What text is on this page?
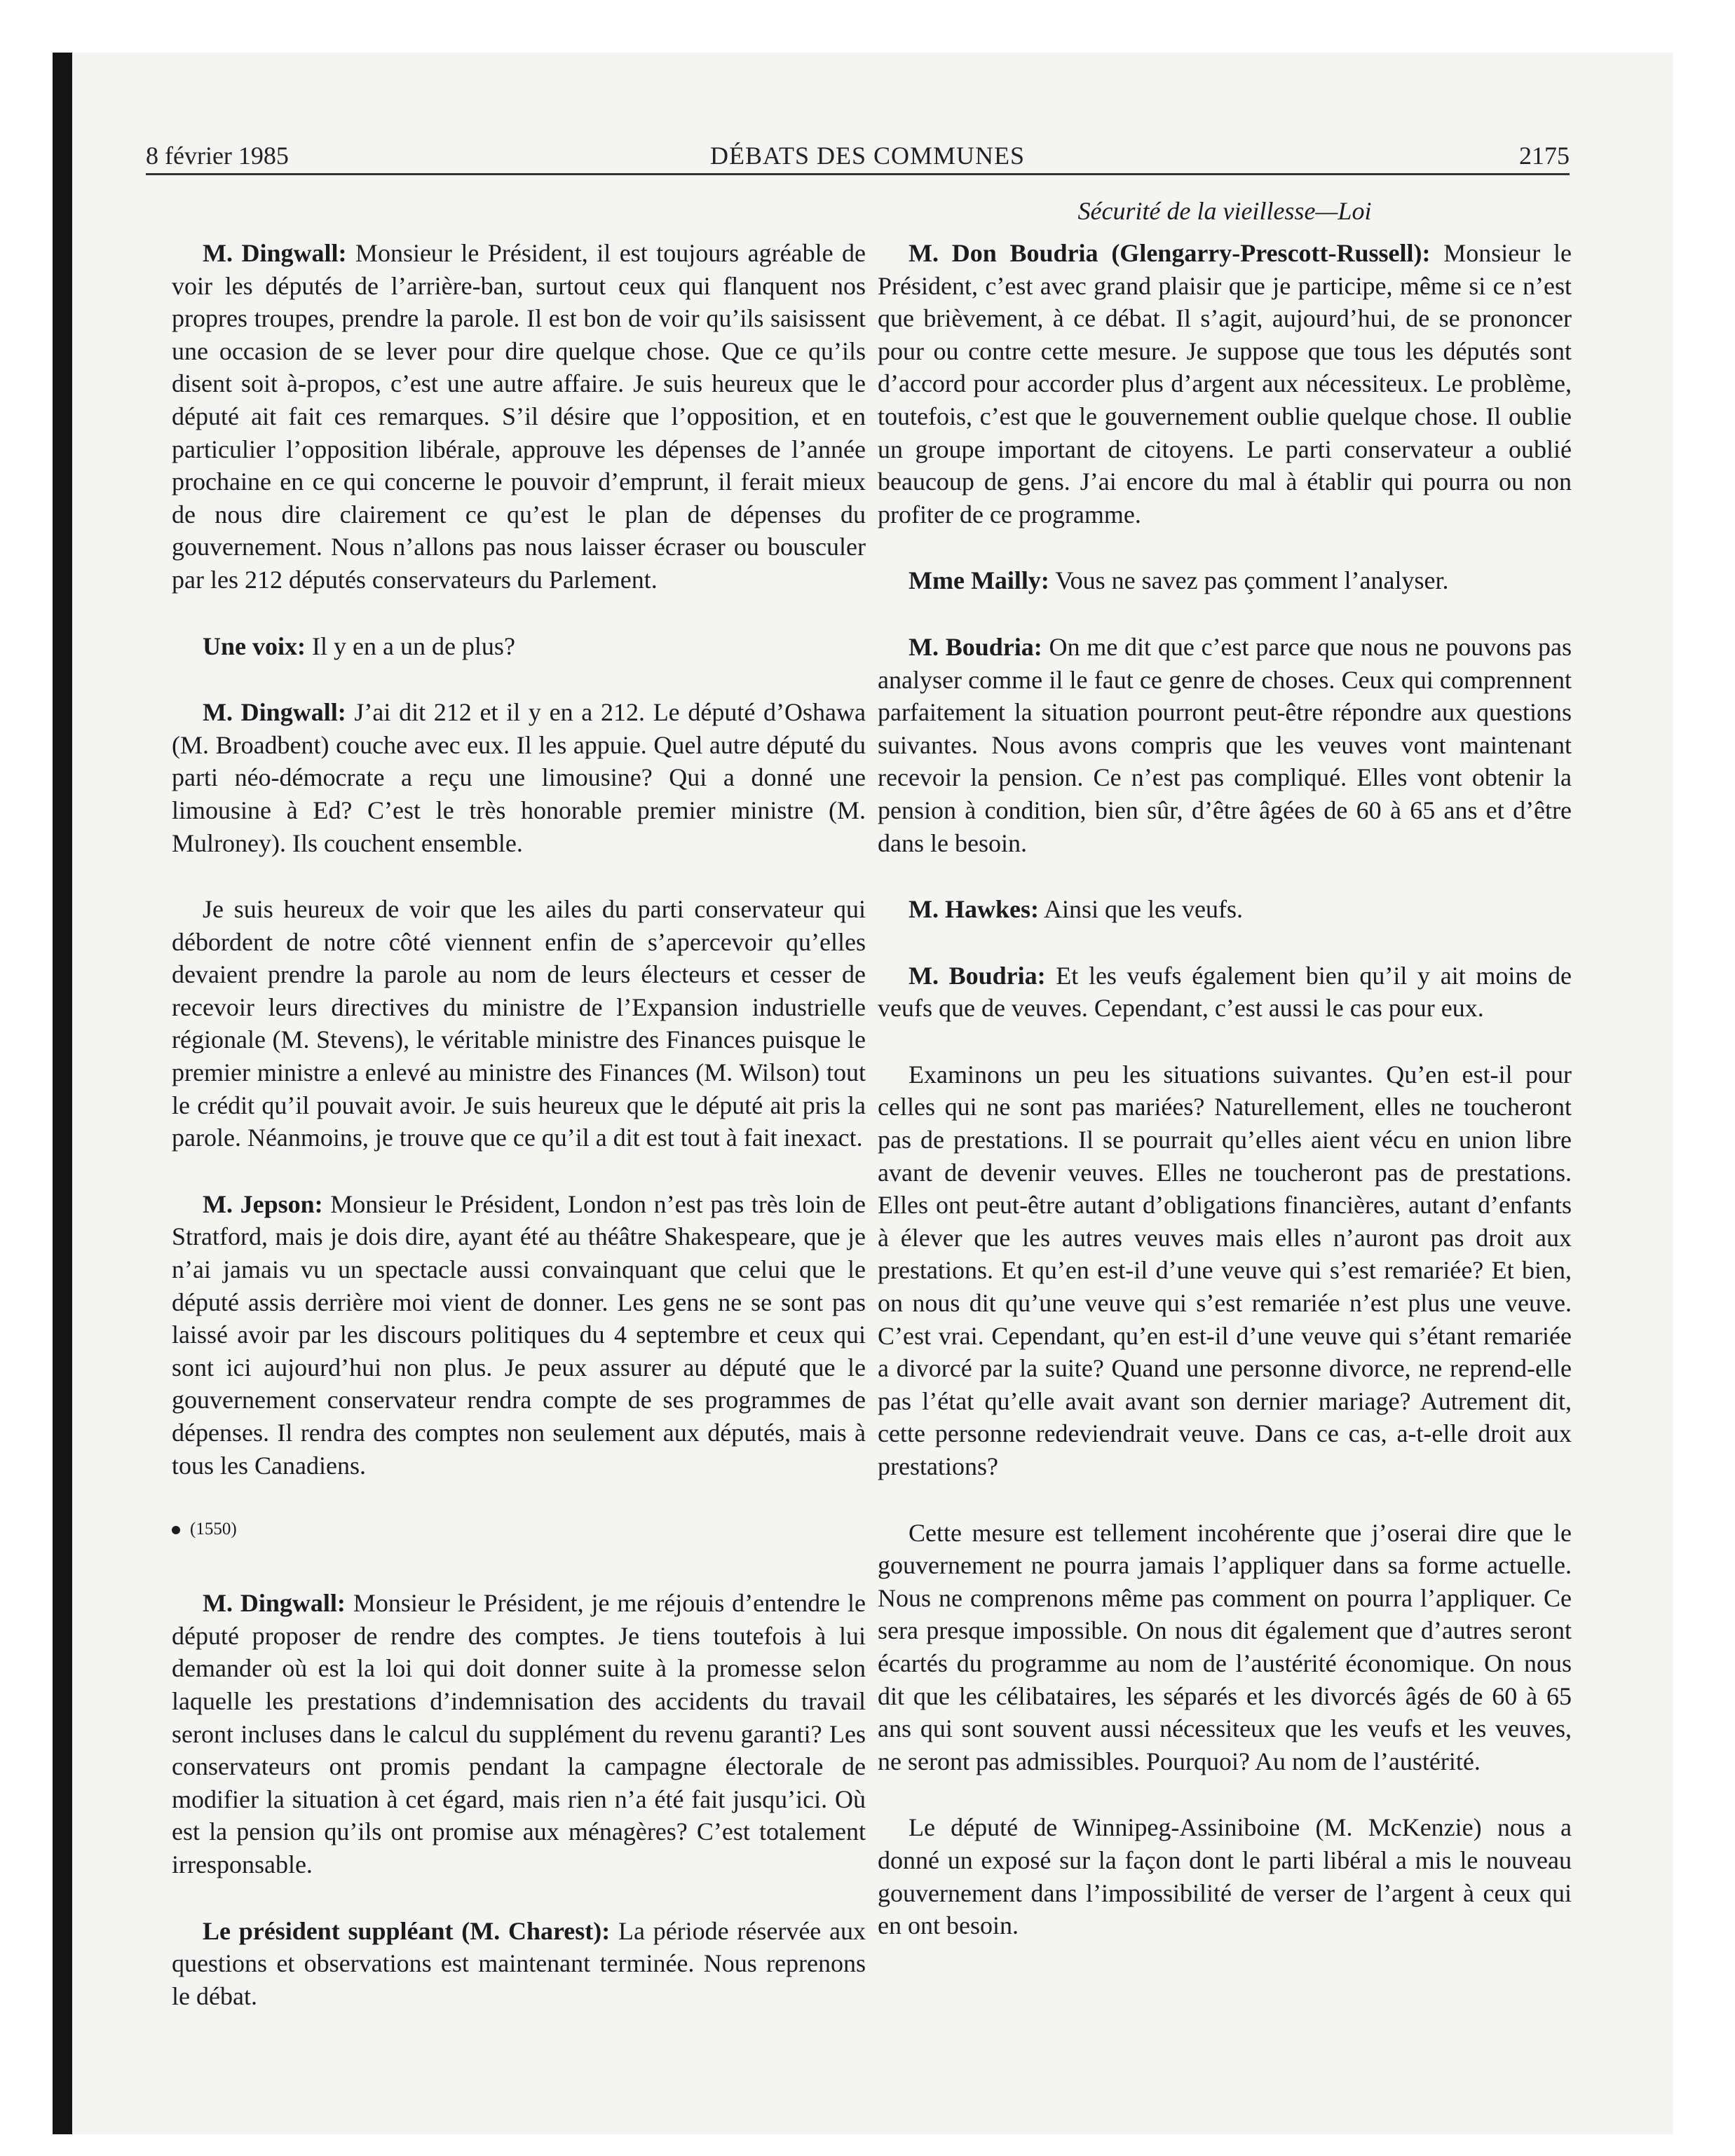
DÉBATS DES COMMUNES
8 février 1985	2175
Sécurité de la vieillesse—Loi

M. Dingwall: Monsieur le Président, il est toujours agréable de voir les députés de l’arrière-ban, surtout ceux qui flanquent nos propres troupes, prendre la parole. Il est bon de voir qu’ils saisissent une occasion de se lever pour dire quelque chose. Que ce qu’ils disent soit à-propos, c’est une autre affaire. Je suis heureux que le député ait fait ces remarques. S’il désire que l’opposition, et en particulier l’opposition libérale, approuve les dépenses de l’année prochaine en ce qui concerne le pouvoir d’emprunt, il ferait mieux de nous dire clairement ce qu’est le plan de dépenses du gouvernement. Nous n’allons pas nous laisser écraser ou bousculer par les 212 députés conservateurs du Parlement.

Une voix: Il y en a un de plus?

M. Dingwall: J’ai dit 212 et il y en a 212. Le député d’Oshawa (M. Broadbent) couche avec eux. Il les appuie. Quel autre député du parti néo-démocrate a reçu une limousine? Qui a donné une limousine à Ed? C’est le très honorable premier ministre (M. Mulroney). Ils couchent ensemble.

Je suis heureux de voir que les ailes du parti conservateur qui débordent de notre côté viennent enfin de s’apercevoir qu’elles devaient prendre la parole au nom de leurs électeurs et cesser de recevoir leurs directives du ministre de l’Expansion industrielle régionale (M. Stevens), le véritable ministre des Finances puisque le premier ministre a enlevé au ministre des Finances (M. Wilson) tout le crédit qu’il pouvait avoir. Je suis heureux que le député ait pris la parole. Néanmoins, je trouve que ce qu’il a dit est tout à fait inexact.

M. Jepson: Monsieur le Président, London n’est pas très loin de Stratford, mais je dois dire, ayant été au théâtre Shakespeare, que je n’ai jamais vu un spectacle aussi convainquant que celui que le député assis derrière moi vient de donner. Les gens ne se sont pas laissé avoir par les discours politiques du 4 septembre et ceux qui sont ici aujourd’hui non plus. Je peux assurer au député que le gouvernement conservateur rendra compte de ses programmes de dépenses. Il rendra des comptes non seulement aux députés, mais à tous les Canadiens.

(1550)

M. Dingwall: Monsieur le Président, je me réjouis d’entendre le député proposer de rendre des comptes. Je tiens toutefois à lui demander où est la loi qui doit donner suite à la promesse selon laquelle les prestations d’indemnisation des accidents du travail seront incluses dans le calcul du supplément du revenu garanti? Les conservateurs ont promis pendant la campagne électorale de modifier la situation à cet égard, mais rien n’a été fait jusqu’ici. Où est la pension qu’ils ont promise aux ménagères? C’est totalement irresponsable.

Le président suppléant (M. Charest): La période réservée aux questions et observations est maintenant terminée. Nous reprenons le débat.

M. Don Boudria (Glengarry-Prescott-Russell): Monsieur le Président, c’est avec grand plaisir que je participe, même si ce n’est que brièvement, à ce débat. Il s’agit, aujourd’hui, de se prononcer pour ou contre cette mesure. Je suppose que tous les députés sont d’accord pour accorder plus d’argent aux nécessiteux. Le problème, toutefois, c’est que le gouvernement oublie quelque chose. Il oublie un groupe important de citoyens. Le parti conservateur a oublié beaucoup de gens. J’ai encore du mal à établir qui pourra ou non profiter de ce programme.

Mme Mailly: Vous ne savez pas çomment l’analyser.

M. Boudria: On me dit que c’est parce que nous ne pouvons pas analyser comme il le faut ce genre de choses. Ceux qui comprennent parfaitement la situation pourront peut-être répondre aux questions suivantes. Nous avons compris que les veuves vont maintenant recevoir la pension. Ce n’est pas compliqué. Elles vont obtenir la pension à condition, bien sûr, d’être âgées de 60 à 65 ans et d’être dans le besoin.

M. Hawkes: Ainsi que les veufs.

M. Boudria: Et les veufs également bien qu’il y ait moins de veufs que de veuves. Cependant, c’est aussi le cas pour eux.

Examinons un peu les situations suivantes. Qu’en est-il pour celles qui ne sont pas mariées? Naturellement, elles ne toucheront pas de prestations. Il se pourrait qu’elles aient vécu en union libre avant de devenir veuves. Elles ne toucheront pas de prestations. Elles ont peut-être autant d’obligations financières, autant d’enfants à élever que les autres veuves mais elles n’auront pas droit aux prestations. Et qu’en est-il d’une veuve qui s’est remariée? Et bien, on nous dit qu’une veuve qui s’est remariée n’est plus une veuve. C’est vrai. Cependant, qu’en est-il d’une veuve qui s’étant remariée a divorcé par la suite? Quand une personne divorce, ne reprend-elle pas l’état qu’elle avait avant son dernier mariage? Autrement dit, cette personne redeviendrait veuve. Dans ce cas, a-t-elle droit aux prestations?

Cette mesure est tellement incohérente que j’oserai dire que le gouvernement ne pourra jamais l’appliquer dans sa forme actuelle. Nous ne comprenons même pas comment on pourra l’appliquer. Ce sera presque impossible. On nous dit également que d’autres seront écartés du programme au nom de l’austérité économique. On nous dit que les célibataires, les séparés et les divorcés âgés de 60 à 65 ans qui sont souvent aussi nécessiteux que les veufs et les veuves, ne seront pas admissibles. Pourquoi? Au nom de l’austérité.

Le député de Winnipeg-Assiniboine (M. McKenzie) nous a donné un exposé sur la façon dont le parti libéral a mis le nouveau gouvernement dans l’impossibilité de verser de l’argent à ceux qui en ont besoin.
